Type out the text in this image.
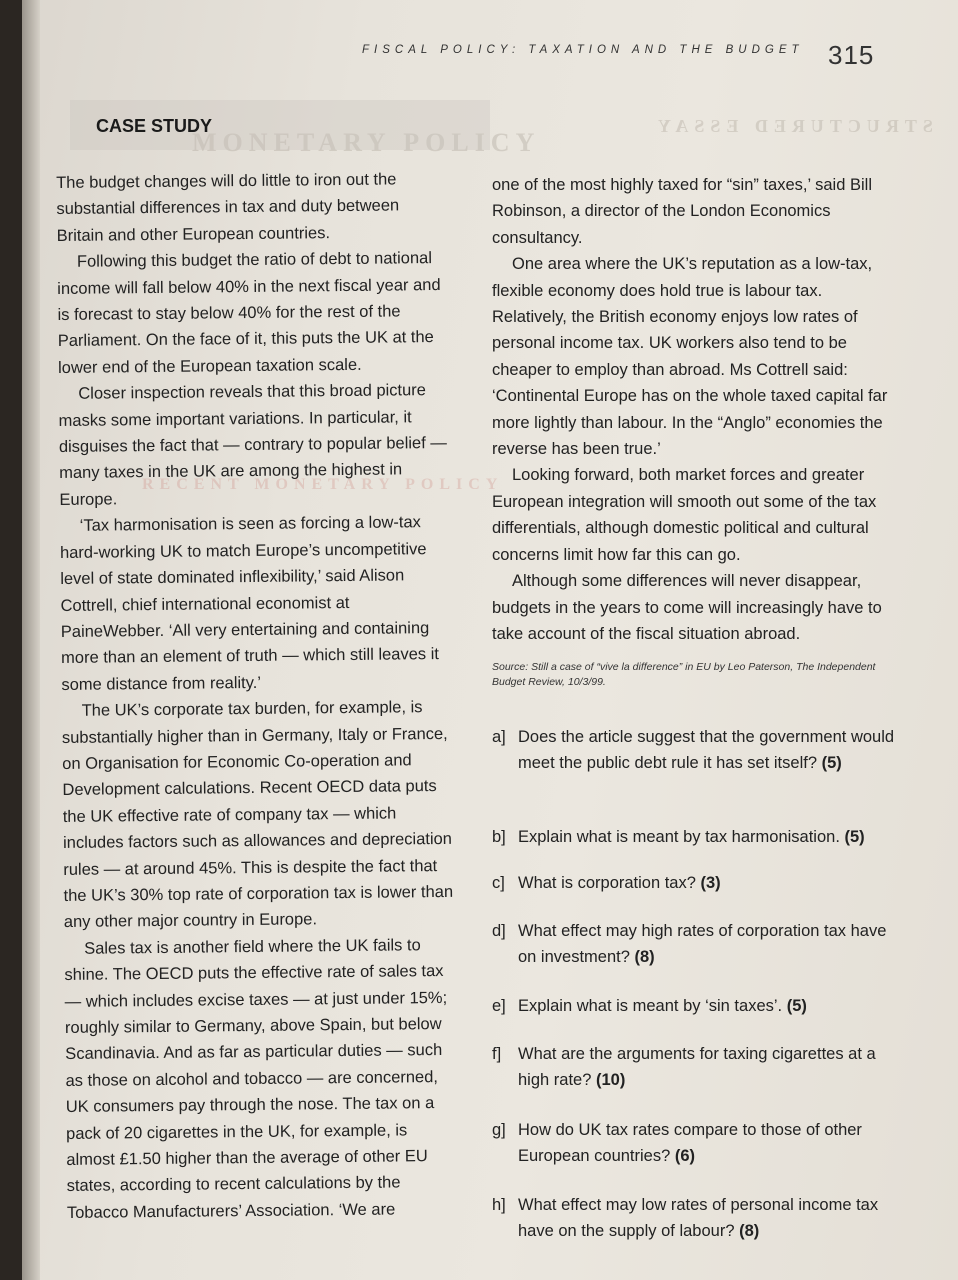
FISCAL POLICY: TAXATION AND THE BUDGET 315
MONETARY POLICY
STRUCTURED ESSAY
RECENT MONETARY POLICY
CASE STUDY

The budget changes will do little to iron out the substantial differences in tax and duty between Britain and other European countries.

Following this budget the ratio of debt to national income will fall below 40% in the next fiscal year and is forecast to stay below 40% for the rest of the Parliament. On the face of it, this puts the UK at the lower end of the European taxation scale.

Closer inspection reveals that this broad picture masks some important variations. In particular, it disguises the fact that — contrary to popular belief — many taxes in the UK are among the highest in Europe.

‘Tax harmonisation is seen as forcing a low-tax hard-working UK to match Europe’s uncompetitive level of state dominated inflexibility,’ said Alison Cottrell, chief international economist at PaineWebber. ‘All very entertaining and containing more than an element of truth — which still leaves it some distance from reality.’

The UK’s corporate tax burden, for example, is substantially higher than in Germany, Italy or France, on Organisation for Economic Co-operation and Development calculations. Recent OECD data puts the UK effective rate of company tax — which includes factors such as allowances and depreciation rules — at around 45%. This is despite the fact that the UK’s 30% top rate of corporation tax is lower than any other major country in Europe.

Sales tax is another field where the UK fails to shine. The OECD puts the effective rate of sales tax — which includes excise taxes — at just under 15%; roughly similar to Germany, above Spain, but below Scandinavia. And as far as particular duties — such as those on alcohol and tobacco — are concerned, UK consumers pay through the nose. The tax on a pack of 20 cigarettes in the UK, for example, is almost £1.50 higher than the average of other EU states, according to recent calculations by the Tobacco Manufacturers’ Association. ‘We are

one of the most highly taxed for “sin” taxes,’ said Bill Robinson, a director of the London Economics consultancy.

One area where the UK’s reputation as a low-tax, flexible economy does hold true is labour tax. Relatively, the British economy enjoys low rates of personal income tax. UK workers also tend to be cheaper to employ than abroad. Ms Cottrell said: ‘Continental Europe has on the whole taxed capital far more lightly than labour. In the “Anglo” economies the reverse has been true.’

Looking forward, both market forces and greater European integration will smooth out some of the tax differentials, although domestic political and cultural concerns limit how far this can go.

Although some differences will never disappear, budgets in the years to come will increasingly have to take account of the fiscal situation abroad.

Source: Still a case of “vive la difference” in EU by Leo Paterson, The Independent Budget Review, 10/3/99.
a] Does the article suggest that the government would meet the public debt rule it has set itself? (5)
b] Explain what is meant by tax harmonisation. (5)
c] What is corporation tax? (3)
d] What effect may high rates of corporation tax have on investment? (8)
e] Explain what is meant by ‘sin taxes’. (5)
f]	What are the arguments for taxing cigarettes at a high rate? (10)
g] How do UK tax rates compare to those of other European countries? (6)
h] What effect may low rates of personal income tax have on the supply of labour? (8)
